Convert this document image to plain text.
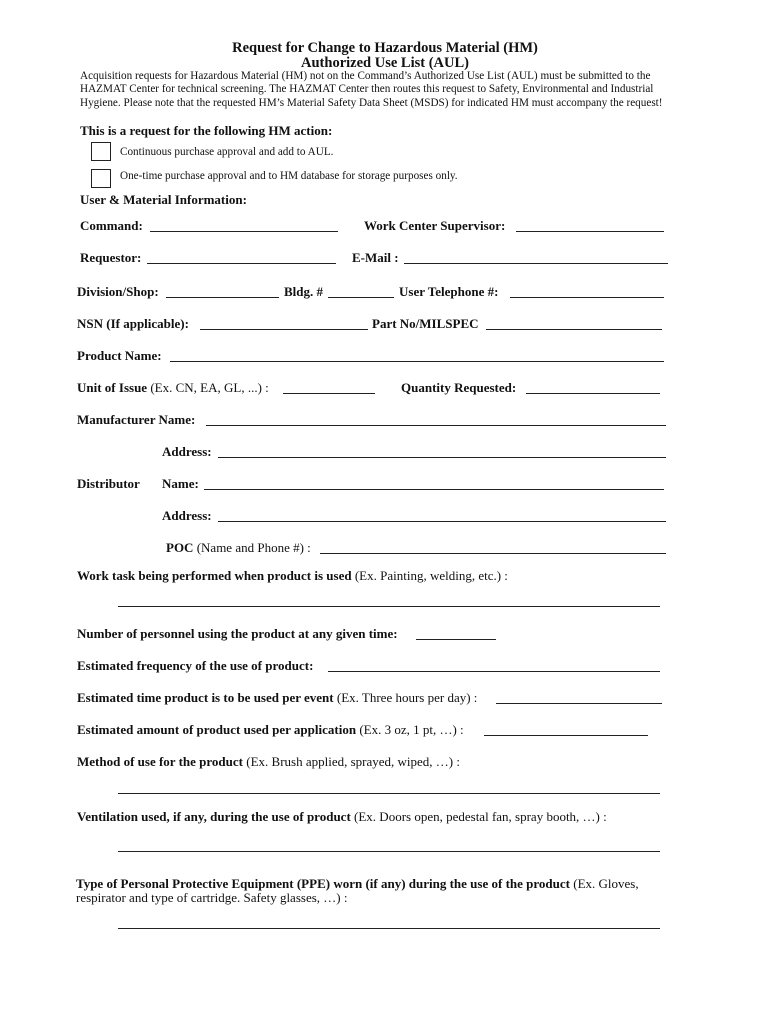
Request for Change to Hazardous Material (HM)
Authorized Use List (AUL)
Acquisition requests for Hazardous Material (HM) not on the Command’s Authorized Use List (AUL) must be submitted to the HAZMAT Center for technical screening. The HAZMAT Center then routes this request to Safety, Environmental and Industrial Hygiene. Please note that the requested HM’s Material Safety Data Sheet (MSDS) for indicated HM must accompany the request!
This is a request for the following HM action:
Continuous purchase approval and add to AUL.
One-time purchase approval and to HM database for storage purposes only.
User & Material Information:
Command:	Work Center Supervisor:
Requestor:	E-Mail :
Division/Shop:	Bldg. #	User Telephone #:
NSN (If applicable):	Part No/MILSPEC
Product Name:
Unit of Issue (Ex. CN, EA, GL, ...) :	Quantity Requested:
Manufacturer Name:
Address:
Distributor Name:
Address:
POC (Name and Phone #) :
Work task being performed when product is used (Ex. Painting, welding, etc.) :
Number of personnel using the product at any given time:
Estimated frequency of the use of product:
Estimated time product is to be used per event (Ex. Three hours per day) :
Estimated amount of product used per application (Ex. 3 oz, 1 pt, …) :
Method of use for the product (Ex. Brush applied, sprayed, wiped, …) :
Ventilation used, if any, during the use of product (Ex. Doors open, pedestal fan, spray booth, …) :
Type of Personal Protective Equipment (PPE) worn (if any) during the use of the product (Ex. Gloves, respirator and type of cartridge. Safety glasses, …) :
